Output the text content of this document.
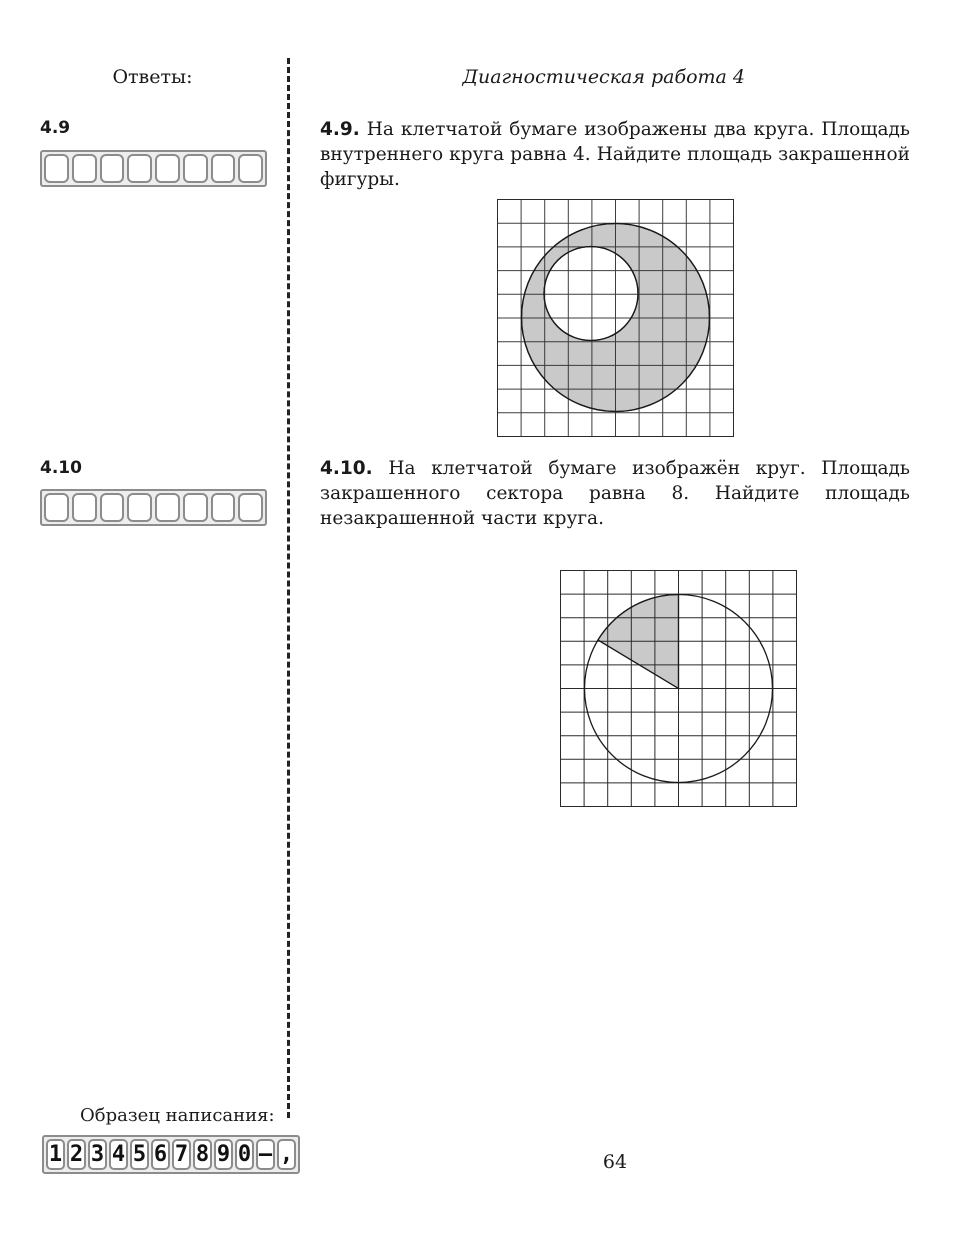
Ответы:	Диагностическая работа 4
4.9	4.9. На клетчатой бумаге изображены два круга. Площадь внутреннего круга равна 4. Найдите площадь закрашенной фигуры.
4.10	4.10. На клетчатой бумаге изображён круг. Площадь закрашенного сектора равна 8. Найдите площадь незакрашенной части круга.
Образец написания:
1 2 3 4 5 6 7 8 9 0 – ,	64
